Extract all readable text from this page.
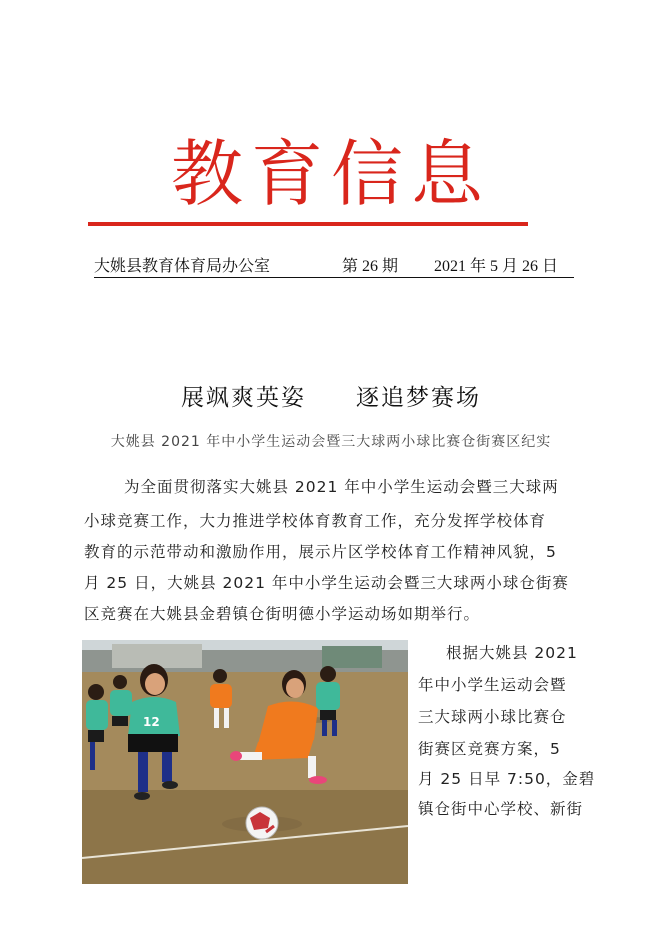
教育信息
大姚县教育体育局办公室	第 26 期 2021 年 5 月 26 日
展飒爽英姿　　逐追梦赛场
大姚县 2021 年中小学生运动会暨三大球两小球比赛仓街赛区纪实
为全面贯彻落实大姚县 2021 年中小学生运动会暨三大球两
小球竞赛工作，大力推进学校体育教育工作，充分发挥学校体育
教育的示范带动和激励作用，展示片区学校体育工作精神风貌，5
月 25 日，大姚县 2021 年中小学生运动会暨三大球两小球仓街赛
区竞赛在大姚县金碧镇仓街明德小学运动场如期举行。
12
根据大姚县 2021
年中小学生运动会暨
三大球两小球比赛仓
街赛区竞赛方案，5
月 25 日早 7:50，金碧
镇仓街中心学校、新街
